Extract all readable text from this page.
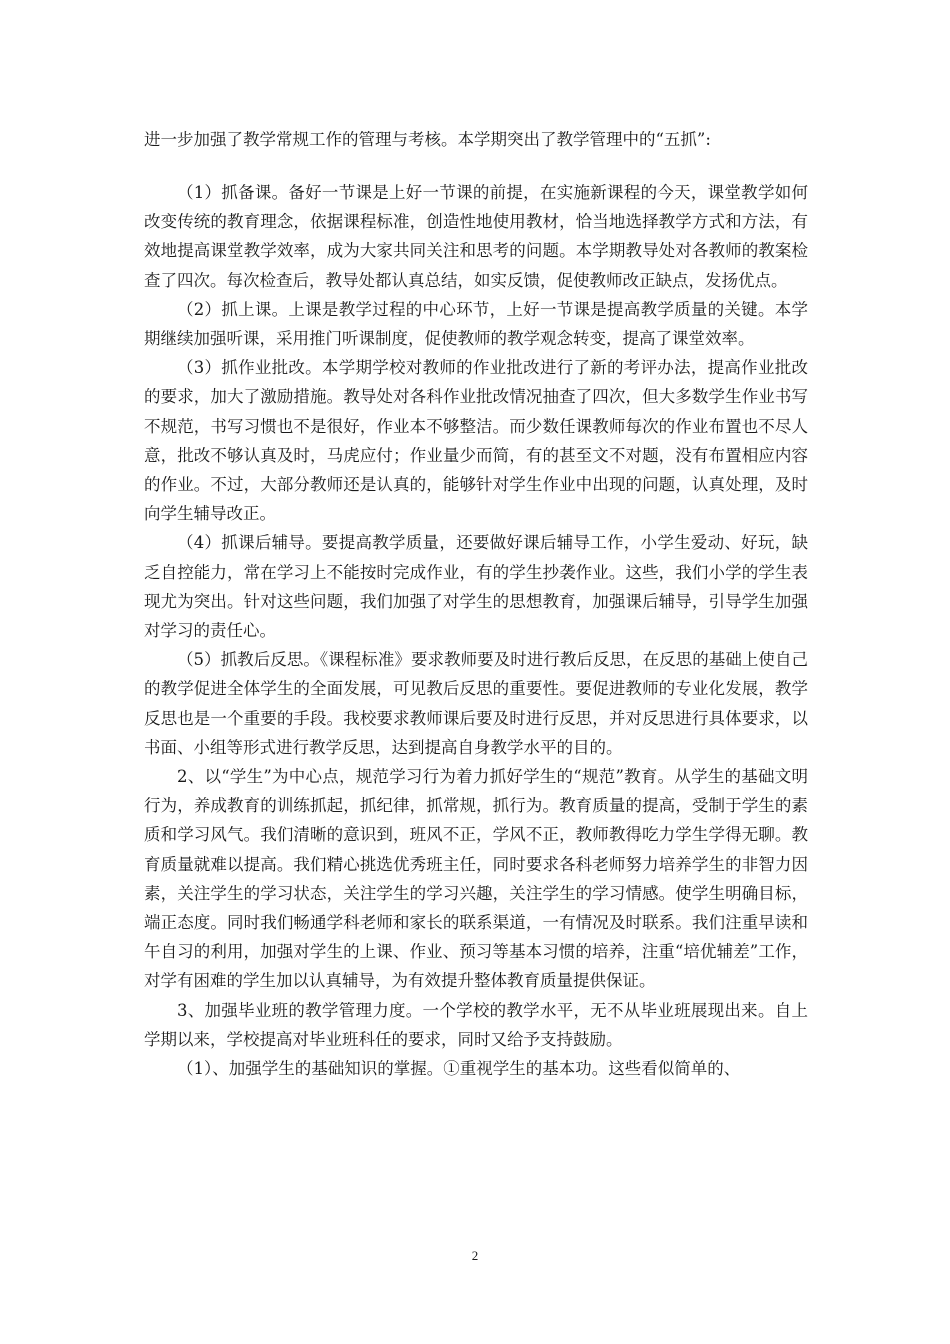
进一步加强了教学常规工作的管理与考核。本学期突出了教学管理中的“五抓”:

（1）抓备课。备好一节课是上好一节课的前提，在实施新课程的今天，课堂教学如何改变传统的教育理念，依据课程标准，创造性地使用教材，恰当地选择教学方式和方法，有效地提高课堂教学效率，成为大家共同关注和思考的问题。本学期教导处对各教师的教案检查了四次。每次检查后，教导处都认真总结，如实反馈，促使教师改正缺点，发扬优点。

（2）抓上课。上课是教学过程的中心环节，上好一节课是提高教学质量的关键。本学期继续加强听课，采用推门听课制度，促使教师的教学观念转变，提高了课堂效率。

（3）抓作业批改。本学期学校对教师的作业批改进行了新的考评办法，提高作业批改的要求，加大了激励措施。教导处对各科作业批改情况抽查了四次，但大多数学生作业书写不规范，书写习惯也不是很好，作业本不够整洁。而少数任课教师每次的作业布置也不尽人意，批改不够认真及时，马虎应付；作业量少而简，有的甚至文不对题，没有布置相应内容的作业。不过，大部分教师还是认真的，能够针对学生作业中出现的问题，认真处理，及时向学生辅导改正。

（4）抓课后辅导。要提高教学质量，还要做好课后辅导工作，小学生爱动、好玩，缺乏自控能力，常在学习上不能按时完成作业，有的学生抄袭作业。这些，我们小学的学生表现尤为突出。针对这些问题，我们加强了对学生的思想教育，加强课后辅导，引导学生加强对学习的责任心。

（5）抓教后反思。《课程标准》要求教师要及时进行教后反思，在反思的基础上使自己的教学促进全体学生的全面发展，可见教后反思的重要性。要促进教师的专业化发展，教学反思也是一个重要的手段。我校要求教师课后要及时进行反思，并对反思进行具体要求，以书面、小组等形式进行教学反思，达到提高自身教学水平的目的。

2、以“学生”为中心点，规范学习行为着力抓好学生的“规范”教育。从学生的基础文明行为，养成教育的训练抓起，抓纪律，抓常规，抓行为。教育质量的提高，受制于学生的素质和学习风气。我们清晰的意识到，班风不正，学风不正，教师教得吃力学生学得无聊。教育质量就难以提高。我们精心挑选优秀班主任，同时要求各科老师努力培养学生的非智力因素，关注学生的学习状态，关注学生的学习兴趣，关注学生的学习情感。使学生明确目标，端正态度。同时我们畅通学科老师和家长的联系渠道，一有情况及时联系。我们注重早读和午自习的利用，加强对学生的上课、作业、预习等基本习惯的培养，注重“培优辅差”工作，对学有困难的学生加以认真辅导，为有效提升整体教育质量提供保证。

3、加强毕业班的教学管理力度。一个学校的教学水平，无不从毕业班展现出来。自上学期以来，学校提高对毕业班科任的要求，同时又给予支持鼓励。

（1）、加强学生的基础知识的掌握。①重视学生的基本功。这些看似简单的、

2
